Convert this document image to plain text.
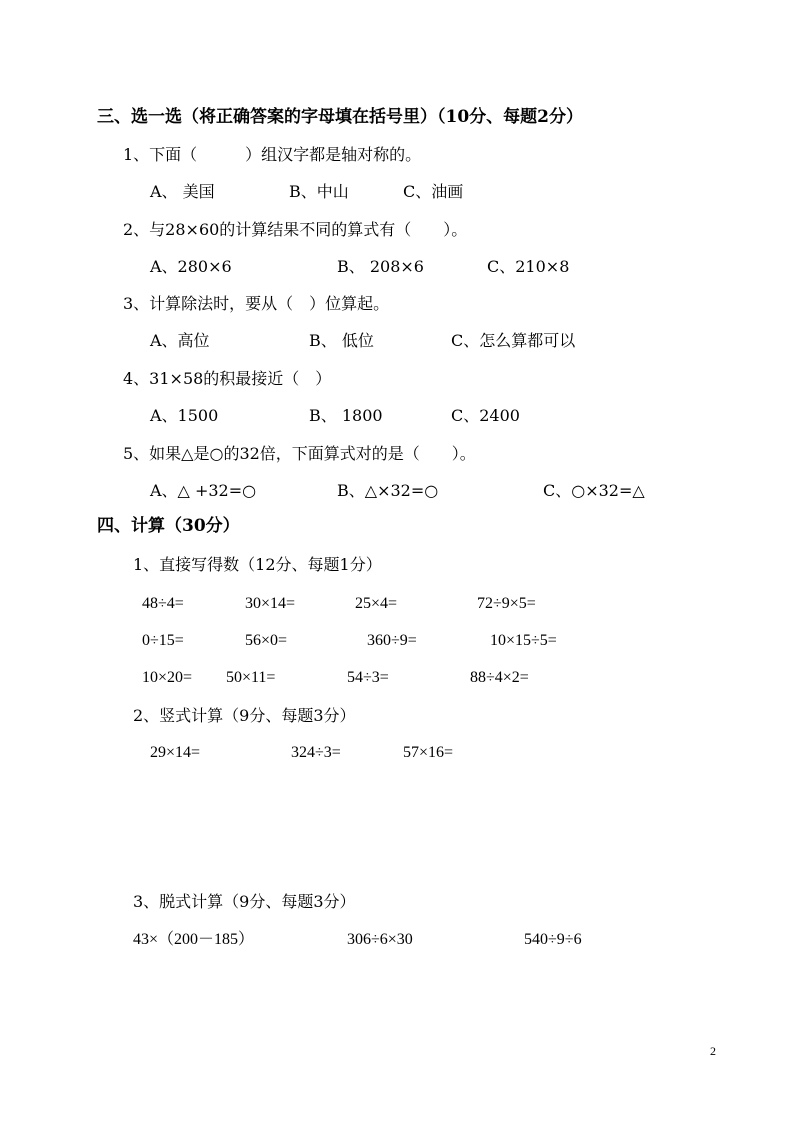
三、选一选（将正确答案的字母填在括号里）（10分、每题2分）
1、下面（　　　）组汉字都是轴对称的。
A、 美国	B、中山	C、油画
2、与28×60的计算结果不同的算式有（　　）。
A、280×6	B、 208×6	C、210×8
3、计算除法时，要从（　）位算起。
A、高位	B、 低位	C、怎么算都可以
4、31×58的积最接近（　）
A、1500	B、 1800	C、2400
5、如果△是○的32倍，下面算式对的是（　　）。
A、△ +32=○	B、△×32=○	C、○×32=△
四、计算（30分）
1、直接写得数（12分、每题1分）
48÷4=	30×14=	25×4=	72÷9×5=
0÷15=	56×0=	360÷9=	10×15÷5=
10×20= 50×11=	54÷3=	88÷4×2=
2、竖式计算（9分、每题3分）
29×14=	324÷3=	57×16=
3、脱式计算（9分、每题3分）
43×（200－185）	306÷6×30	540÷9÷6
2
